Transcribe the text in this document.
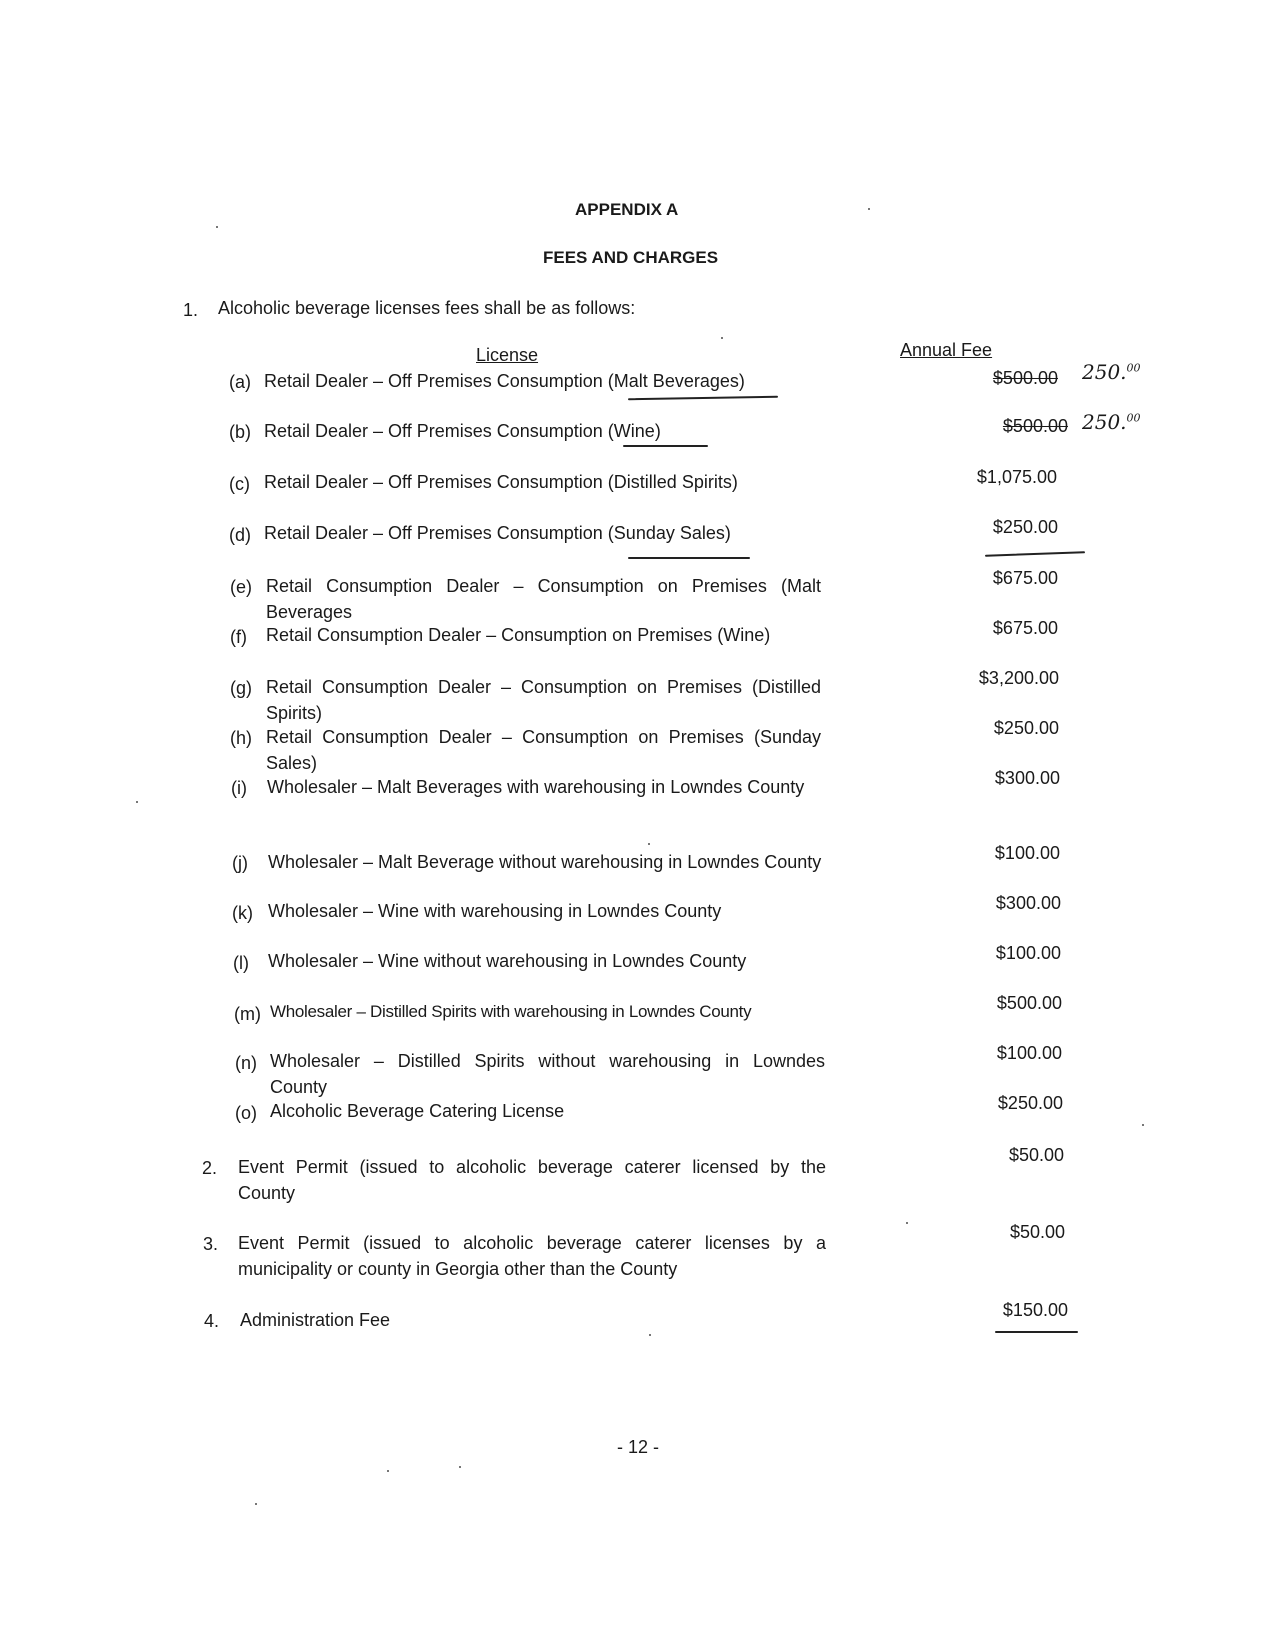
APPENDIX A
FEES AND CHARGES
1. Alcoholic beverage licenses fees shall be as follows:
License	Annual Fee
(a) Retail Dealer – Off Premises Consumption (Malt Beverages)	$500.00 250.00
(b) Retail Dealer – Off Premises Consumption (Wine)	$500.00 250.00
(c) Retail Dealer – Off Premises Consumption (Distilled Spirits)	$1,075.00
(d) Retail Dealer – Off Premises Consumption (Sunday Sales)	$250.00
(e) Retail Consumption Dealer – Consumption on Premises (Malt Beverages
$675.00
(f) Retail Consumption Dealer – Consumption on Premises (Wine)	$675.00
(g) Retail Consumption Dealer – Consumption on Premises (Distilled Spirits)
$3,200.00
(h) Retail Consumption Dealer – Consumption on Premises (Sunday Sales)
$250.00
(i)	Wholesaler – Malt Beverages with warehousing in Lowndes County	$300.00
(j)	Wholesaler – Malt Beverage without warehousing in Lowndes County	$100.00
(k) Wholesaler – Wine with warehousing in Lowndes County	$300.00
(l)	Wholesaler – Wine without warehousing in Lowndes County	$100.00
(m) Wholesaler – Distilled Spirits with warehousing in Lowndes County	$500.00
(n) Wholesaler – Distilled Spirits without warehousing in Lowndes County
$100.00
(o) Alcoholic Beverage Catering License	$250.00
2. Event Permit (issued to alcoholic beverage caterer licensed by the County
$50.00
3. Event Permit (issued to alcoholic beverage caterer licenses by a municipality or county in Georgia other than the County
$50.00
4. Administration Fee	$150.00
- 12 -
